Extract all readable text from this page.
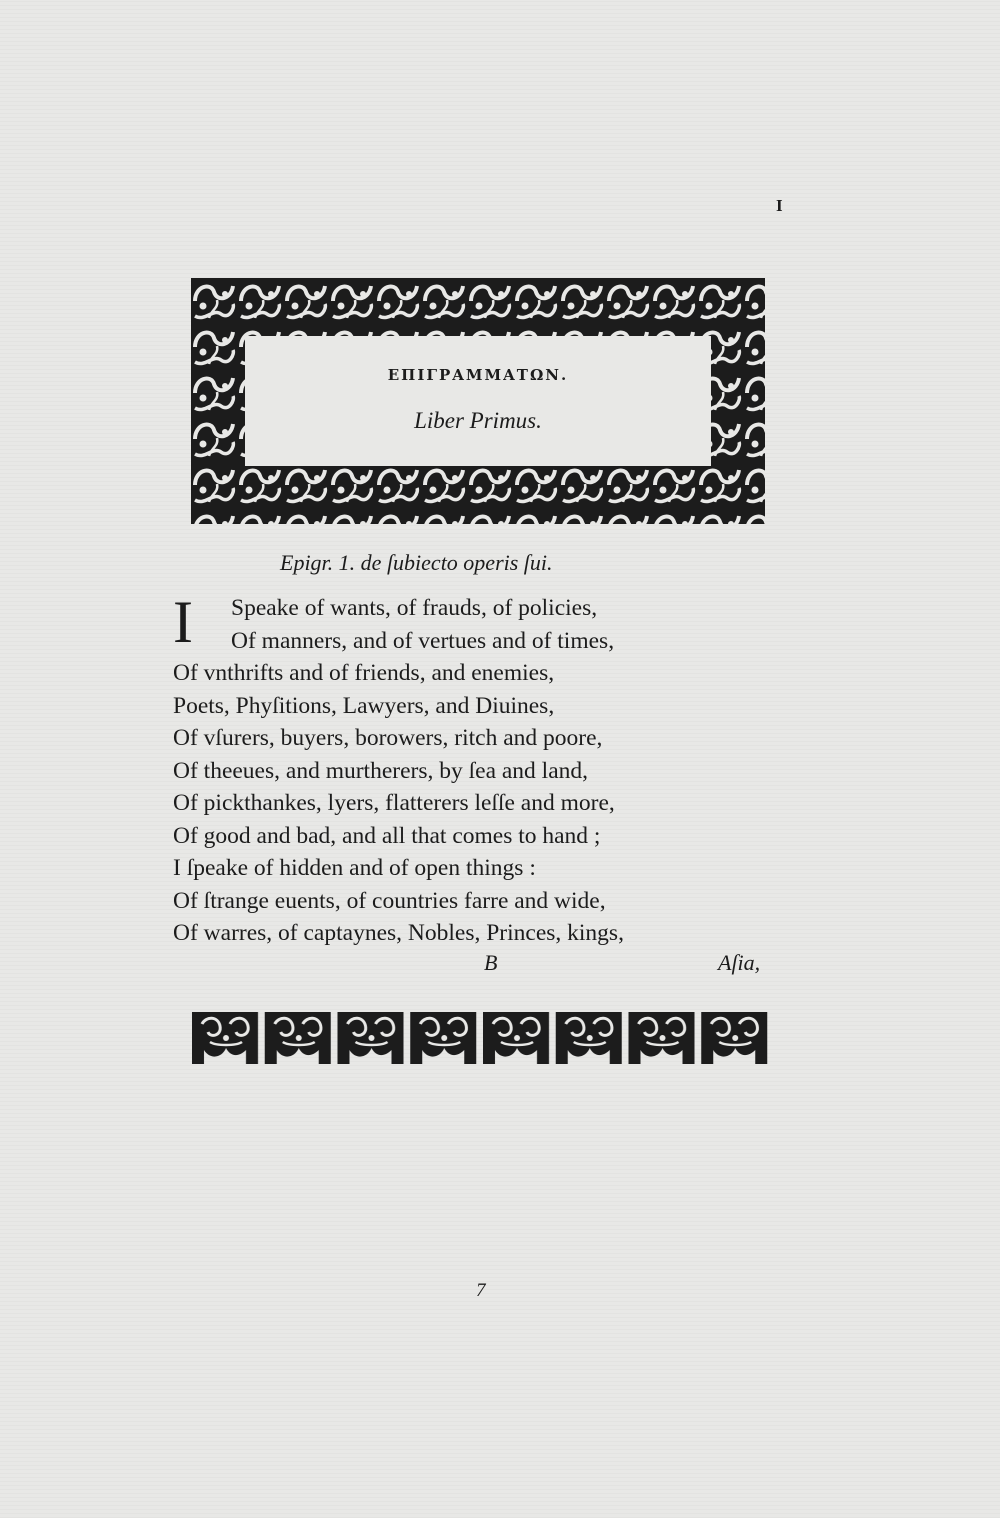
I
ΕΠΙΓΡΑΜΜΑΤΩΝ.
Liber Primus.
Epigr. 1. de ſubiecto operis ſui.
I Speake of wants, of frauds, of policies,
Of manners, and of vertues and of times,
Of vnthrifts and of friends, and enemies,
Poets, Phyſitions, Lawyers, and Diuines,
Of vſurers, buyers, borowers, ritch and poore,
Of theeues, and murtherers, by ſea and land,
Of pickthankes, lyers, flatterers leſſe and more,
Of good and bad, and all that comes to hand ;
I ſpeake of hidden and of open things :
Of ſtrange euents, of countries farre and wide,
Of warres, of captaynes, Nobles, Princes, kings,
B	Aſia,
7
